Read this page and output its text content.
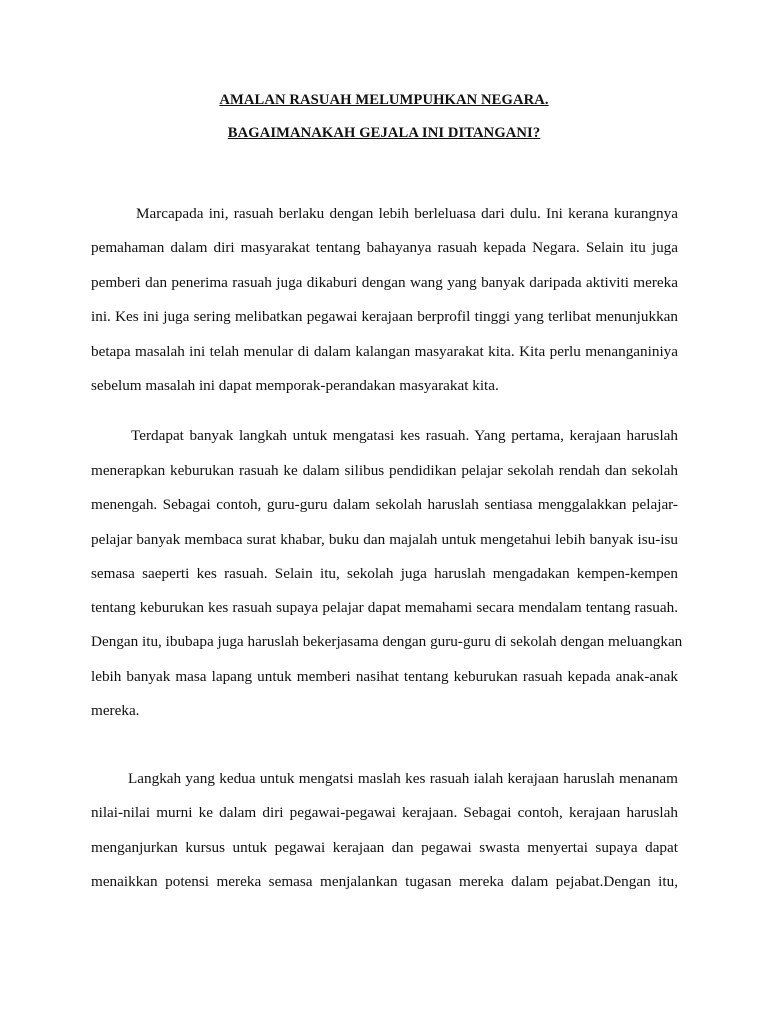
AMALAN RASUAH MELUMPUHKAN NEGARA.
BAGAIMANAKAH GEJALA INI DITANGANI?
Marcapada ini, rasuah berlaku dengan lebih berleluasa dari dulu. Ini kerana kurangnya
pemahaman dalam diri masyarakat tentang bahayanya rasuah kepada Negara. Selain itu juga
pemberi dan penerima rasuah juga dikaburi dengan wang yang banyak daripada aktiviti mereka
ini. Kes ini juga sering melibatkan pegawai kerajaan berprofil tinggi yang terlibat menunjukkan
betapa masalah ini telah menular di dalam kalangan masyarakat kita. Kita perlu menanganiniya
sebelum masalah ini dapat memporak-perandakan masyarakat kita.
Terdapat banyak langkah untuk mengatasi kes rasuah. Yang pertama, kerajaan haruslah
menerapkan keburukan rasuah ke dalam silibus pendidikan pelajar sekolah rendah dan sekolah
menengah. Sebagai contoh, guru-guru dalam sekolah haruslah sentiasa menggalakkan pelajar-
pelajar banyak membaca surat khabar, buku dan majalah untuk mengetahui lebih banyak isu-isu
semasa saeperti kes rasuah. Selain itu, sekolah juga haruslah mengadakan kempen-kempen
tentang keburukan kes rasuah supaya pelajar dapat memahami secara mendalam tentang rasuah.
Dengan itu, ibubapa juga haruslah bekerjasama dengan guru-guru di sekolah dengan meluangkan
lebih banyak masa lapang untuk memberi nasihat tentang keburukan rasuah kepada anak-anak
mereka.
Langkah yang kedua untuk mengatsi maslah kes rasuah ialah kerajaan haruslah menanam
nilai-nilai murni ke dalam diri pegawai-pegawai kerajaan. Sebagai contoh, kerajaan haruslah
menganjurkan kursus untuk pegawai kerajaan dan pegawai swasta menyertai supaya dapat
menaikkan potensi mereka semasa menjalankan tugasan mereka dalam pejabat.Dengan itu,
